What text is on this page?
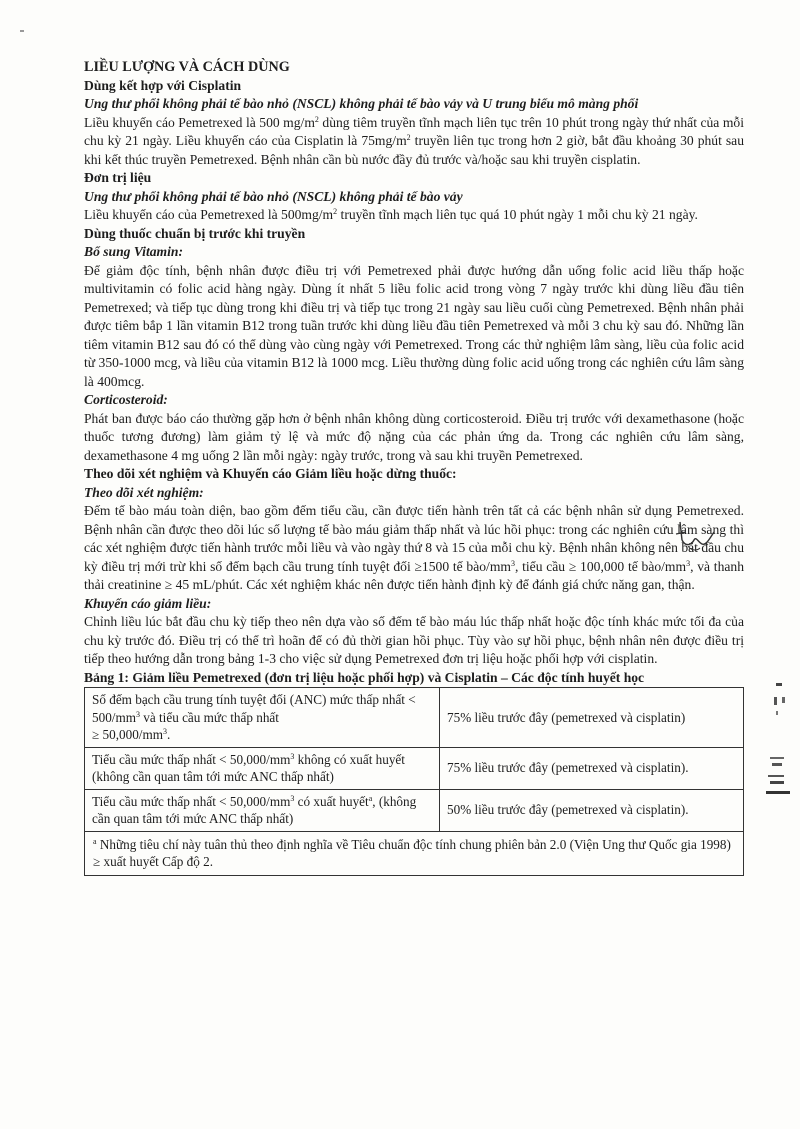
LIỀU LƯỢNG VÀ CÁCH DÙNG

Dùng kết hợp với Cisplatin

Ung thư phổi không phải tế bào nhỏ (NSCL) không phải tế bào vảy và U trung biểu mô màng phổi

Liều khuyến cáo Pemetrexed là 500 $mg/m^2$ dùng tiêm truyền tĩnh mạch liên tục trên 10 phút trong ngày thứ nhất của mỗi chu kỳ 21 ngày. Liều khuyến cáo của Cisplatin là $75mg/m^2$ truyền liên tục trong hơn 2 giờ, bắt đầu khoảng 30 phút sau khi kết thúc truyền Pemetrexed. Bệnh nhân cần bù nước đầy đủ trước và/hoặc sau khi truyền cisplatin.

Đơn trị liệu

Ung thư phổi không phải tế bào nhỏ (NSCL) không phải tế bào vảy

Liều khuyến cáo của Pemetrexed là $500mg/m^2$ truyền tĩnh mạch liên tục quá 10 phút ngày 1 mỗi chu kỳ 21 ngày.

Dùng thuốc chuẩn bị trước khi truyền

Bổ sung Vitamin:

Để giảm độc tính, bệnh nhân được điều trị với Pemetrexed phải được hướng dẫn uống folic acid liều thấp hoặc multivitamin có folic acid hàng ngày. Dùng ít nhất 5 liều folic acid trong vòng 7 ngày trước khi dùng liều đầu tiên Pemetrexed; và tiếp tục dùng trong khi điều trị và tiếp tục trong 21 ngày sau liều cuối cùng Pemetrexed. Bệnh nhân phải được tiêm bắp 1 lần vitamin B12 trong tuần trước khi dùng liều đầu tiên Pemetrexed và mỗi 3 chu kỳ sau đó. Những lần tiêm vitamin B12 sau đó có thể dùng vào cùng ngày với Pemetrexed. Trong các thử nghiệm lâm sàng, liều của folic acid từ 350-1000 mcg, và liều của vitamin B12 là 1000 mcg. Liều thường dùng folic acid uống trong các nghiên cứu lâm sàng là 400mcg.

Corticosteroid:

Phát ban được báo cáo thường gặp hơn ở bệnh nhân không dùng corticosteroid. Điều trị trước với dexamethasone (hoặc thuốc tương đương) làm giảm tỷ lệ và mức độ nặng của các phản ứng da. Trong các nghiên cứu lâm sàng, dexamethasone 4 mg uống 2 lần mỗi ngày: ngày trước, trong và sau khi truyền Pemetrexed.

Theo dõi xét nghiệm và Khuyến cáo Giảm liều hoặc dừng thuốc:

Theo dõi xét nghiệm:

Đếm tế bào máu toàn diện, bao gồm đếm tiểu cầu, cần được tiến hành trên tất cả các bệnh nhân sử dụng Pemetrexed. Bệnh nhân cần được theo dõi lúc số lượng tế bào máu giảm thấp nhất và lúc hồi phục: trong các nghiên cứu lâm sàng thì các xét nghiệm được tiến hành trước mỗi liều và vào ngày thứ 8 và 15 của mỗi chu kỳ. Bệnh nhân không nên bắt đầu chu kỳ điều trị mới trừ khi số đếm bạch cầu trung tính tuyệt đối ≥1500 tế bào/$mm^3$, tiểu cầu ≥ 100,000 tế bào/$mm^3$, và thanh thải creatinine ≥ 45 mL/phút. Các xét nghiệm khác nên được tiến hành định kỳ để đánh giá chức năng gan, thận.

Khuyến cáo giảm liều:

Chỉnh liều lúc bắt đầu chu kỳ tiếp theo nên dựa vào số đếm tế bào máu lúc thấp nhất hoặc độc tính khác mức tối đa của chu kỳ trước đó. Điều trị có thể trì hoãn để có đủ thời gian hồi phục. Tùy vào sự hồi phục, bệnh nhân nên được điều trị tiếp theo hướng dẫn trong bảng 1-3 cho việc sử dụng Pemetrexed đơn trị liệu hoặc phối hợp với cisplatin.

Bảng 1: Giảm liều Pemetrexed (đơn trị liệu hoặc phối hợp) và Cisplatin – Các độc tính huyết học

Số đếm bạch cầu trung tính tuyệt đối (ANC) mức thấp nhất < $500/mm^3$ và tiểu cầu mức thấp nhất
≥ $50,000/mm^3$.	75% liều trước đây (pemetrexed và cisplatin)
Tiểu cầu mức thấp nhất < $50,000/mm^3$ không có xuất huyết (không cần quan tâm tới mức ANC thấp nhất)	75% liều trước đây (pemetrexed và cisplatin).
Tiểu cầu mức thấp nhất < $50,000/mm^3$ có xuất huyết$^a$, (không cần quan tâm tới mức ANC thấp nhất)	50% liều trước đây (pemetrexed và cisplatin).
$^a$ Những tiêu chí này tuân thủ theo định nghĩa về Tiêu chuẩn độc tính chung phiên bản 2.0 (Viện Ung thư Quốc gia 1998) ≥ xuất huyết Cấp độ 2.	
